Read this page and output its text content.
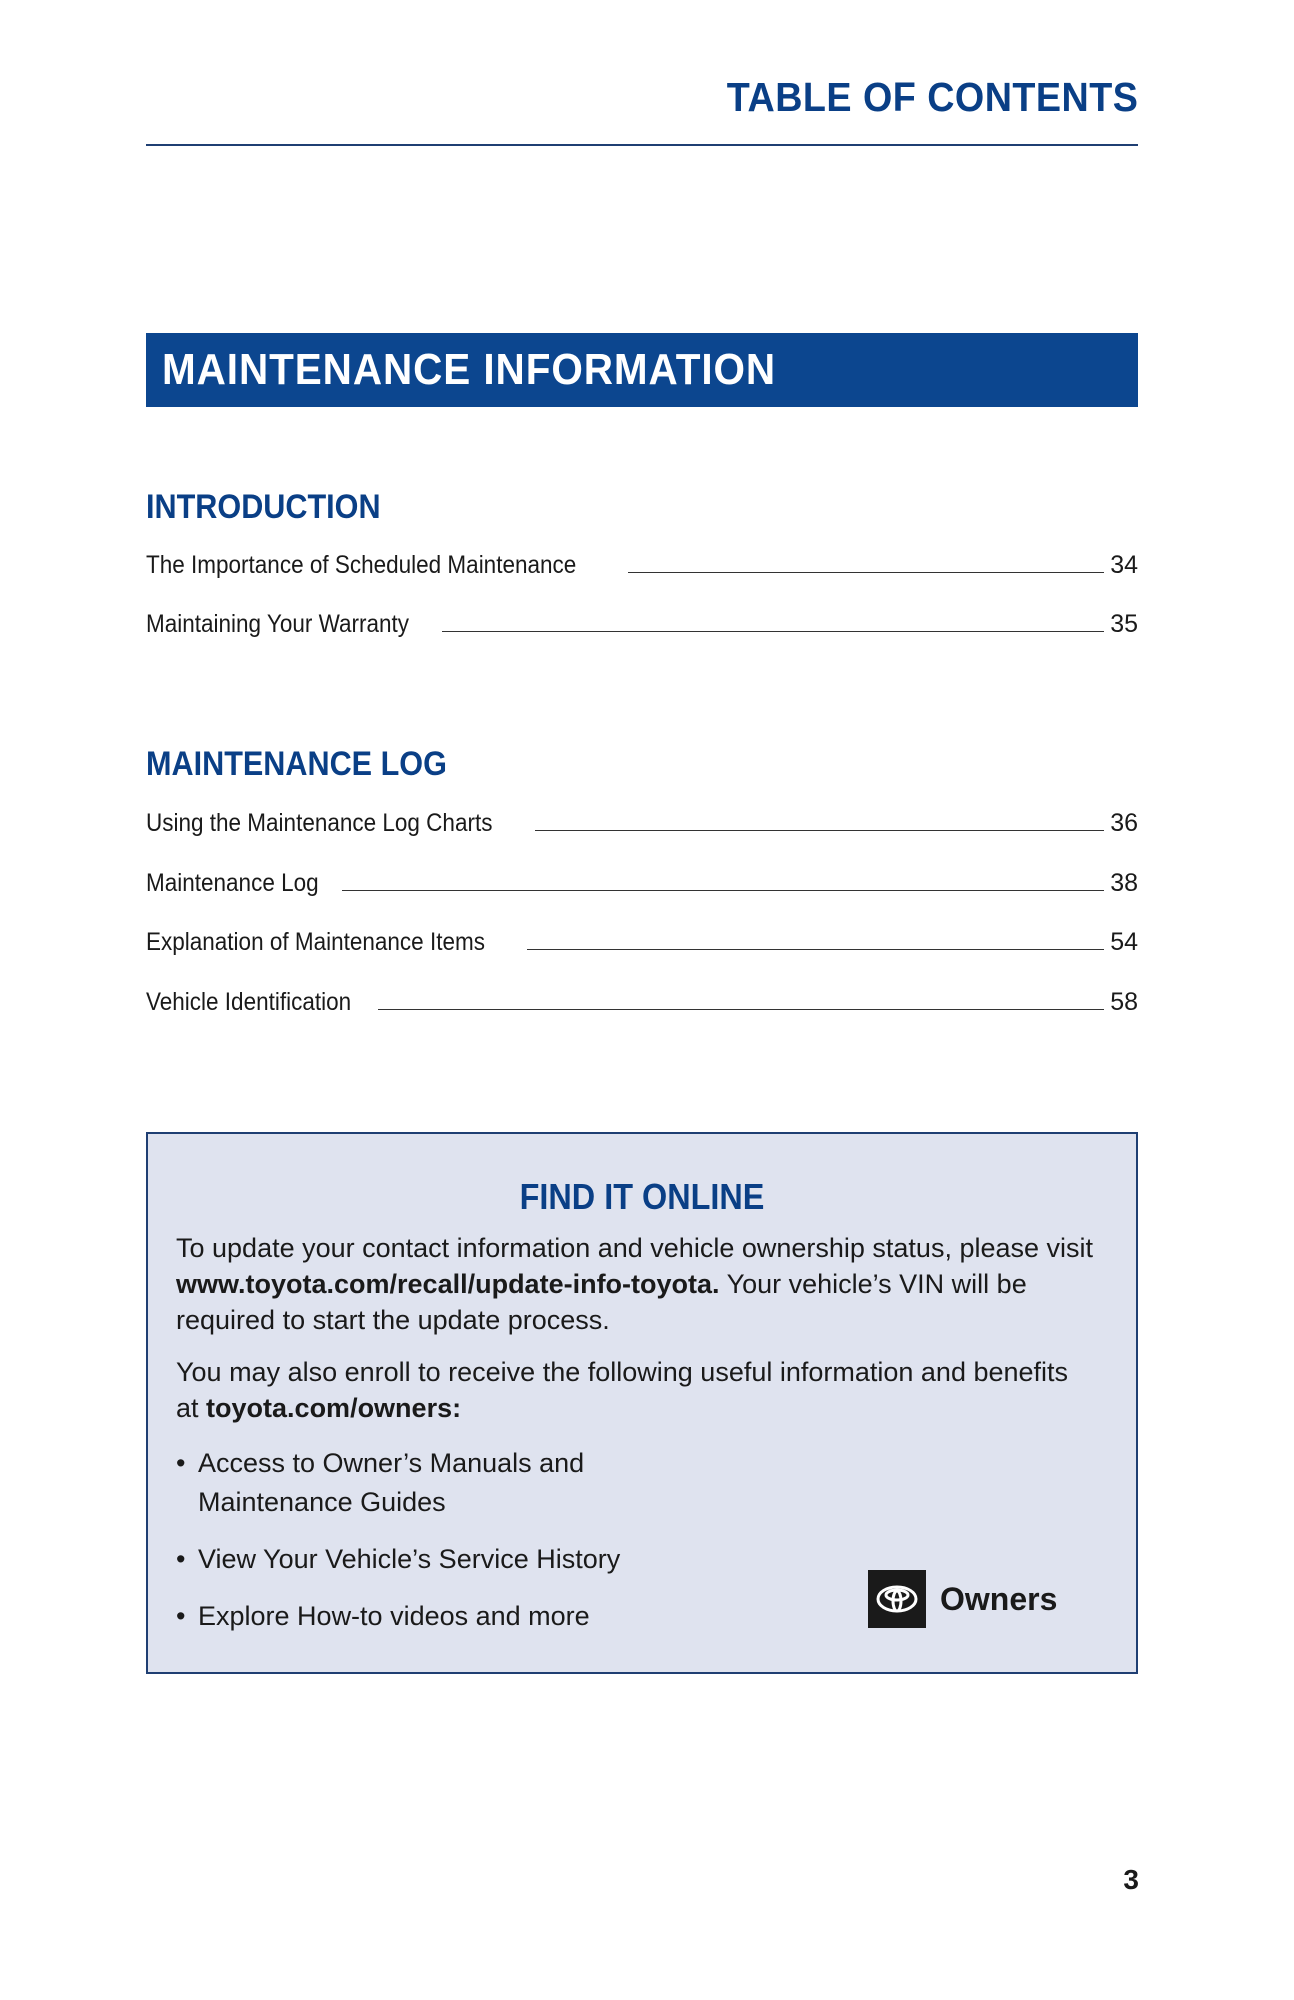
TABLE OF CONTENTS
MAINTENANCE INFORMATION
INTRODUCTION
The Importance of Scheduled Maintenance	34
Maintaining Your Warranty	35
MAINTENANCE LOG
Using the Maintenance Log Charts	36
Maintenance Log	38
Explanation of Maintenance Items	54
Vehicle Identification	58
FIND IT ONLINE

To update your contact information and vehicle ownership status, please visit www.toyota.com/recall/update-info-toyota. Your vehicle’s VIN will be required to start the update process.

You may also enroll to receive the following useful information and benefits at toyota.com/owners:

• Access to Owner’s Manuals and Maintenance Guides
• View Your Vehicle’s Service History
• Explore How-to videos and more	Owners
3
